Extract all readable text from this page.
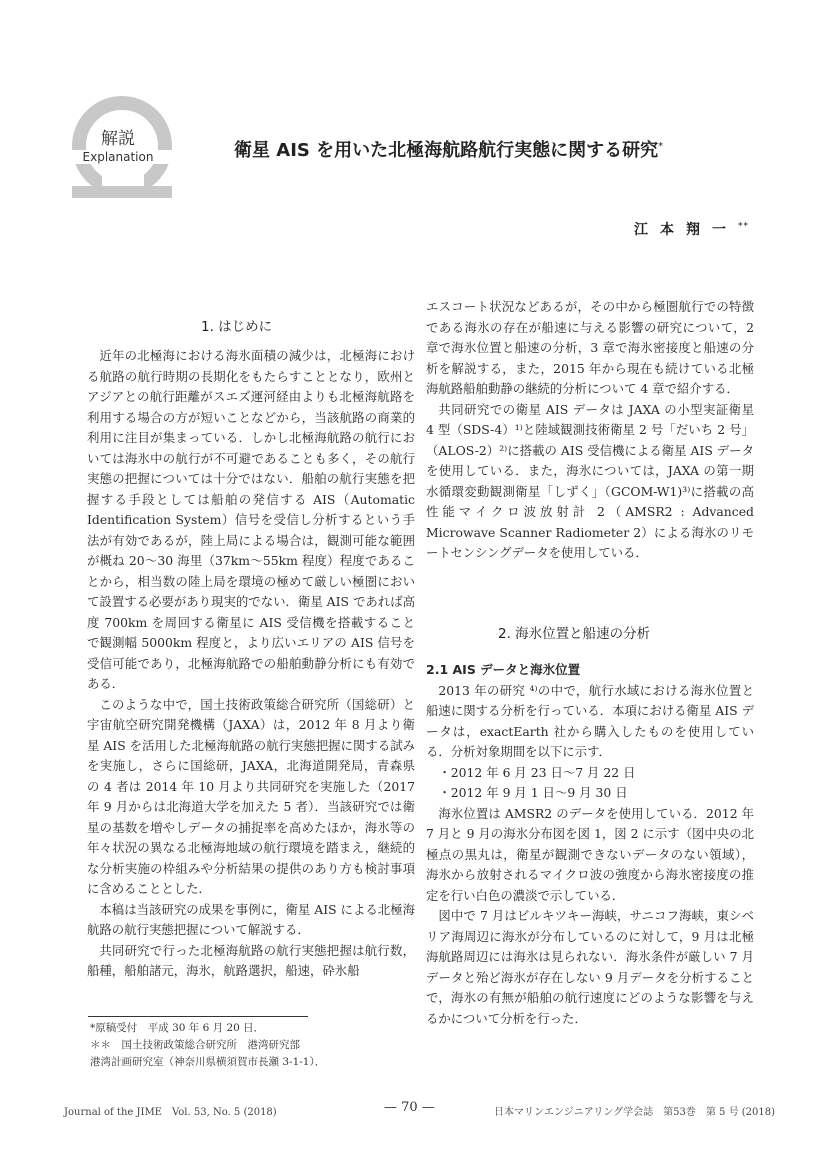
解説
Explanation	衛星 AIS を用いた北極海航路航行実態に関する研究*
江本翔一**
1. はじめに

近年の北極海における海氷面積の減少は，北極海における航路の航行時期の長期化をもたらすこととなり，欧州とアジアとの航行距離がスエズ運河経由よりも北極海航路を利用する場合の方が短いことなどから，当該航路の商業的利用に注目が集まっている．しかし北極海航路の航行においては海氷中の航行が不可避であることも多く，その航行実態の把握については十分ではない．船舶の航行実態を把握する手段としては船舶の発信する AIS（Automatic Identification System）信号を受信し分析するという手法が有効であるが，陸上局による場合は，観測可能な範囲が概ね 20〜30 海里（37km〜55km 程度）程度であることから，相当数の陸上局を環境の極めて厳しい極圏において設置する必要があり現実的でない．衛星 AIS であれば高度 700km を周回する衛星に AIS 受信機を搭載することで観測幅 5000km 程度と，より広いエリアの AIS 信号を受信可能であり，北極海航路での船舶動静分析にも有効である．

このような中で，国土技術政策総合研究所（国総研）と宇宙航空研究開発機構（JAXA）は，2012 年 8 月より衛星 AIS を活用した北極海航路の航行実態把握に関する試みを実施し，さらに国総研，JAXA，北海道開発局，青森県の 4 者は 2014 年 10 月より共同研究を実施した（2017 年 9 月からは北海道大学を加えた 5 者）．当該研究では衛星の基数を増やしデータの捕捉率を高めたほか，海氷等の年々状況の異なる北極海地域の航行環境を踏まえ，継続的な分析実施の枠組みや分析結果の提供のあり方も検討事項に含めることとした．

本稿は当該研究の成果を事例に，衛星 AIS による北極海航路の航行実態把握について解説する．

共同研究で行った北極海航路の航行実態把握は航行数，船種，船舶諸元，海氷，航路選択，船速，砕氷船

エスコート状況などあるが，その中から極圏航行での特徴である海氷の存在が船速に与える影響の研究について，2 章で海氷位置と船速の分析，3 章で海氷密接度と船速の分析を解説する，また，2015 年から現在も続けている北極海航路船舶動静の継続的分析について 4 章で紹介する．

共同研究での衛星 AIS データは JAXA の小型実証衛星 4 型（SDS-4）¹⁾と陸域観測技術衛星 2 号「だいち 2 号」（ALOS-2）²⁾に搭載の AIS 受信機による衛星 AIS データを使用している．また，海氷については，JAXA の第一期水循環変動観測衛星「しずく」（GCOM-W1)³⁾に搭載の高性能マイクロ波放射計 2（AMSR2 : Advanced Microwave Scanner Radiometer 2）による海氷のリモートセンシングデータを使用している．

2. 海氷位置と船速の分析
2.1 AIS データと海氷位置

2013 年の研究 ⁴⁾の中で，航行水域における海氷位置と船速に関する分析を行っている．本項における衛星 AIS データは，exactEarth 社から購入したものを使用している．分析対象期間を以下に示す．

・2012 年 6 月 23 日〜7 月 22 日

・2012 年 9 月 1 日〜9 月 30 日

海氷位置は AMSR2 のデータを使用している．2012 年 7 月と 9 月の海氷分布図を図 1，図 2 に示す（図中央の北極点の黒丸は，衛星が観測できないデータのない領域），海氷から放射されるマイクロ波の強度から海氷密接度の推定を行い白色の濃淡で示している．

図中で 7 月はビルキツキー海峡，サニコフ海峡，東シベリア海周辺に海氷が分布しているのに対して，9 月は北極海航路周辺には海氷は見られない．海氷条件が厳しい 7 月データと殆ど海氷が存在しない 9 月データを分析することで，海氷の有無が船舶の航行速度にどのような影響を与えるかについて分析を行った．

*原稿受付　平成 30 年 6 月 20 日．
＊＊　国土技術政策総合研究所　港湾研究部
港湾計画研究室（神奈川県横須賀市長瀬 3-1-1）．
Journal of the JIME　Vol. 53, No. 5 (2018)	— 70 —	日本マリンエンジニアリング学会誌　第53巻　第 5 号 (2018)
